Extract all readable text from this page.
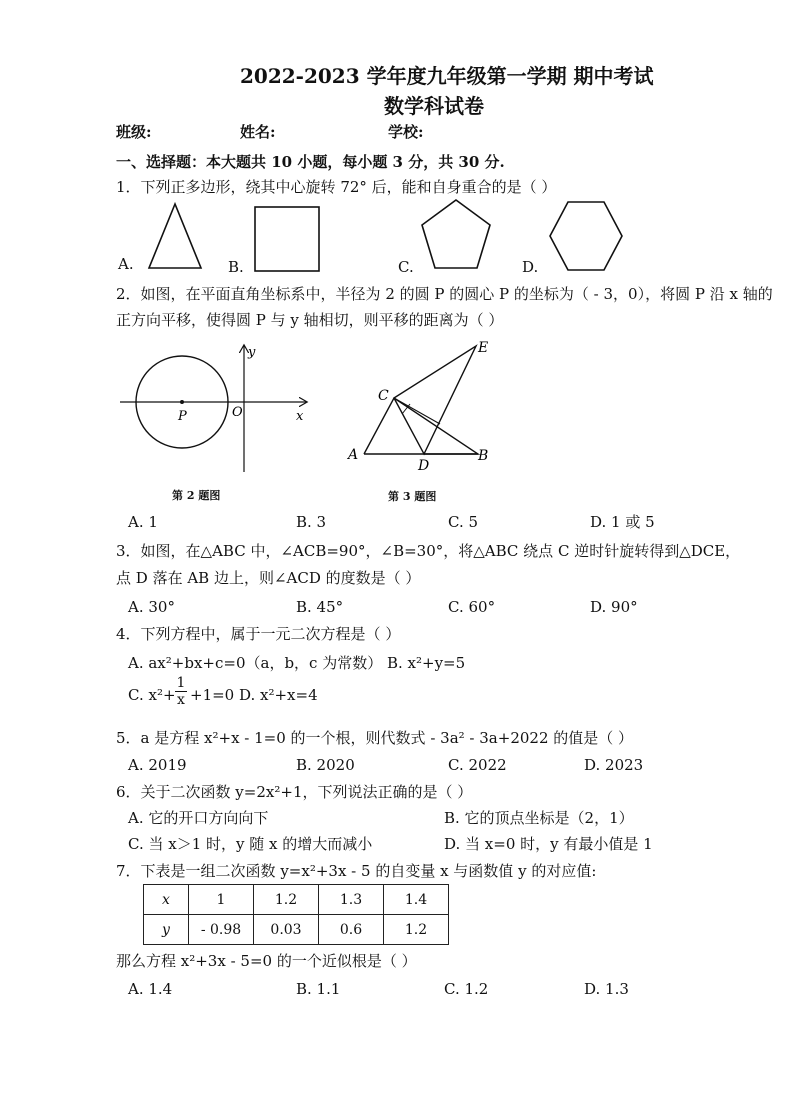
2022-2023 学年度九年级第一学期 期中考试
数学科试卷
班级:	姓名:	学校:
一、选择题：本大题共 10 小题，每小题 3 分，共 30 分.
1．下列正多边形，绕其中心旋转 72° 后，能和自身重合的是（ ）
A.	B.	C.	D.
2．如图，在平面直角坐标系中，半径为 2 的圆 P 的圆心 P 的坐标为（ - 3，0），将圆 P 沿 x 轴的
正方向平移，使得圆 P 与 y 轴相切，则平移的距离为（ ）
y
x
P	O
第 2 题图
E
C
A
D
B
第 3 题图
A. 1	B. 3	C. 5	D. 1 或 5
3．如图，在△ABC 中，∠ACB=90°，∠B=30°，将△ABC 绕点 C 逆时针旋转得到△DCE，
点 D 落在 AB 边上，则∠ACD 的度数是（ ）
A. 30°	B. 45°	C. 60°	D. 90°
4．下列方程中，属于一元二次方程是（ ）
A. ax²+bx+c=0（a，b，c 为常数） B. x²+y=5
C. $x^2+ \frac{1}{x} +1=0$ D. x²+x=4
5．a 是方程 x²+x - 1=0 的一个根，则代数式 - 3a² - 3a+2022 的值是（ ）
A. 2019	B. 2020	C. 2022	D. 2023
6．关于二次函数 y=2x²+1，下列说法正确的是（ ）
A. 它的开口方向向下	B. 它的顶点坐标是（2，1）
C. 当 x＞1 时，y 随 x 的增大而减小	D. 当 x=0 时，y 有最小值是 1
7．下表是一组二次函数 y=x²+3x - 5 的自变量 x 与函数值 y 的对应值:
x	1	1.2	1.3	1.4
y	- 0.98	0.03	0.6	1.2
那么方程 x²+3x - 5=0 的一个近似根是（ ）
A. 1.4	B. 1.1	C. 1.2	D. 1.3
